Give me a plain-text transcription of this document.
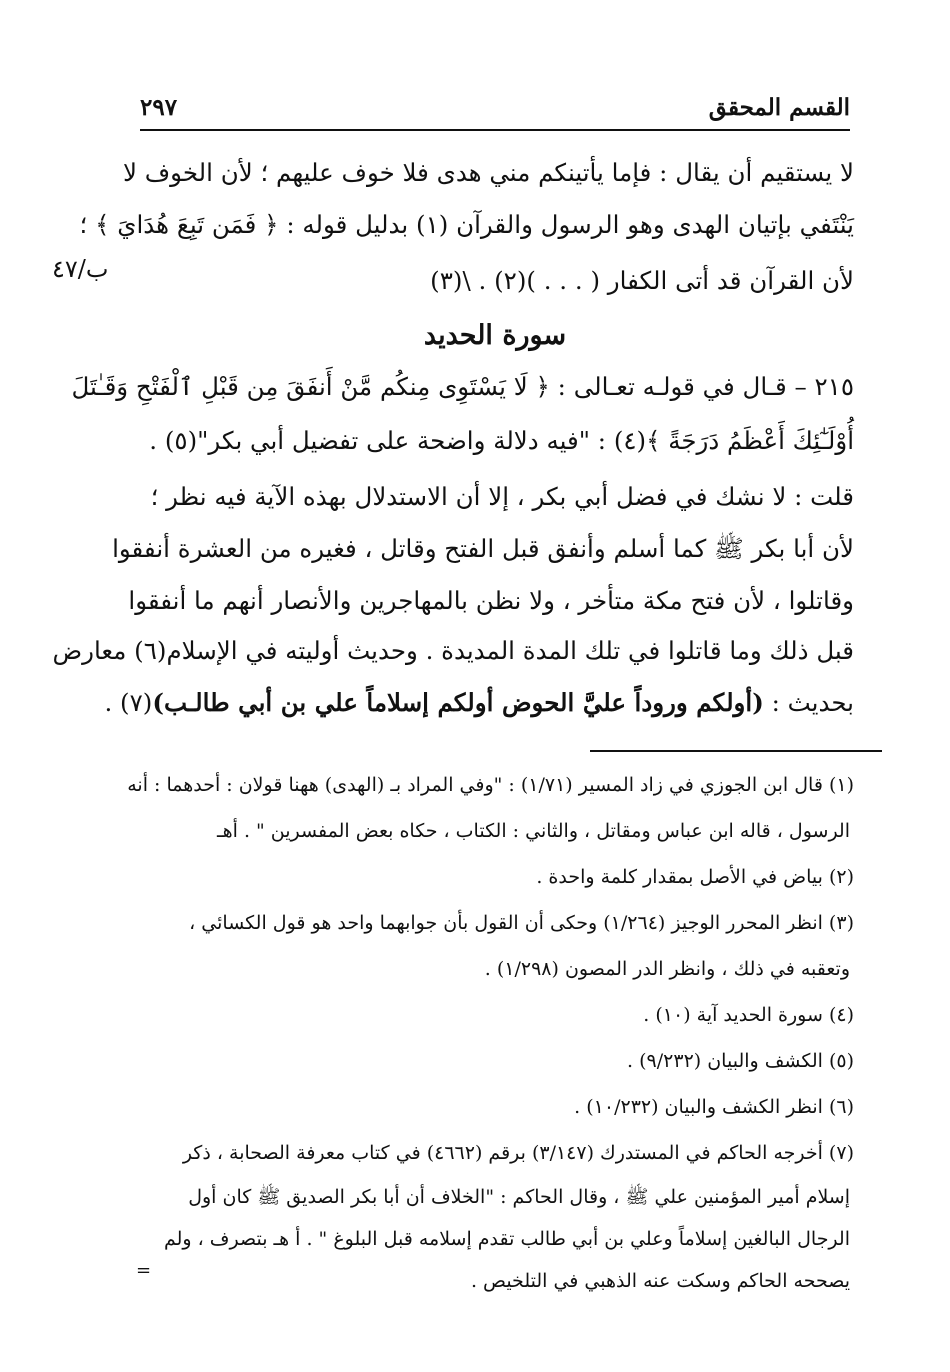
القسم المحقق
٢٩٧
ب/٤٧
لا يستقيم أن يقال : فإما يأتينكم مني هدى فلا خوف عليهم ؛ لأن الخوف لا
يَنْتَفي بإتيان الهدى وهو الرسول والقرآن (١) بدليل قوله : ﴿ فَمَن تَبِعَ هُدَايَ ﴾ ؛
لأن القرآن قد أتى الكفار ( . . . )(٢) . \(٣)
سورة الحديد
٢١٥ – قـال في قولـه تعـالى : ﴿ لَا يَسْتَوِى مِنكُم مَّنْ أَنفَقَ مِن قَبْلِ ٱلْفَتْحِ وَقَـٰتَلَ
أُوْلَـٰٓئِكَ أَعْظَمُ دَرَجَةً ﴾(٤) : "فيه دلالة واضحة على تفضيل أبي بكر"(٥) .
قلت : لا نشك في فضل أبي بكر ، إلا أن الاستدلال بهذه الآية فيه نظر ؛
لأن أبا بكر ﷺ كما أسلم وأنفق قبل الفتح وقاتل ، فغيره من العشرة أنفقوا
وقاتلوا ، لأن فتح مكة متأخر ، ولا نظن بالمهاجرين والأنصار أنهم ما أنفقوا
قبل ذلك وما قاتلوا في تلك المدة المديدة . وحديث أوليته في الإسلام(٦) معارض
بحديث : (أولكم وروداً عليَّ الحوض أولكم إسلاماً علي بن أبي طالـب)(٧) .
(١) قال ابن الجوزي في زاد المسير (١/٧١) : "وفي المراد بـ (الهدى) ههنا قولان : أحدهما : أنه
الرسول ، قاله ابن عباس ومقاتل ، والثاني : الكتاب ، حكاه بعض المفسرين " . أهـ
(٢) بياض في الأصل بمقدار كلمة واحدة .
(٣) انظر المحرر الوجيز (١/٢٦٤) وحكى أن القول بأن جوابهما واحد هو قول الكسائي ،
وتعقبه في ذلك ، وانظر الدر المصون (١/٢٩٨) .
(٤) سورة الحديد آية (١٠) .
(٥) الكشف والبيان (٩/٢٣٢) .
(٦) انظر الكشف والبيان (١٠/٢٣٢) .
(٧) أخرجه الحاكم في المستدرك (٣/١٤٧) برقم (٤٦٦٢) في كتاب معرفة الصحابة ، ذكر
إسلام أمير المؤمنين علي ﷺ ، وقال الحاكم : "الخلاف أن أبا بكر الصديق ﷺ كان أول
الرجال البالغين إسلاماً وعلي بن أبي طالب تقدم إسلامه قبل البلوغ " . أ هـ بتصرف ، ولم
يصححه الحاكم وسكت عنه الذهبي في التلخيص .
=
